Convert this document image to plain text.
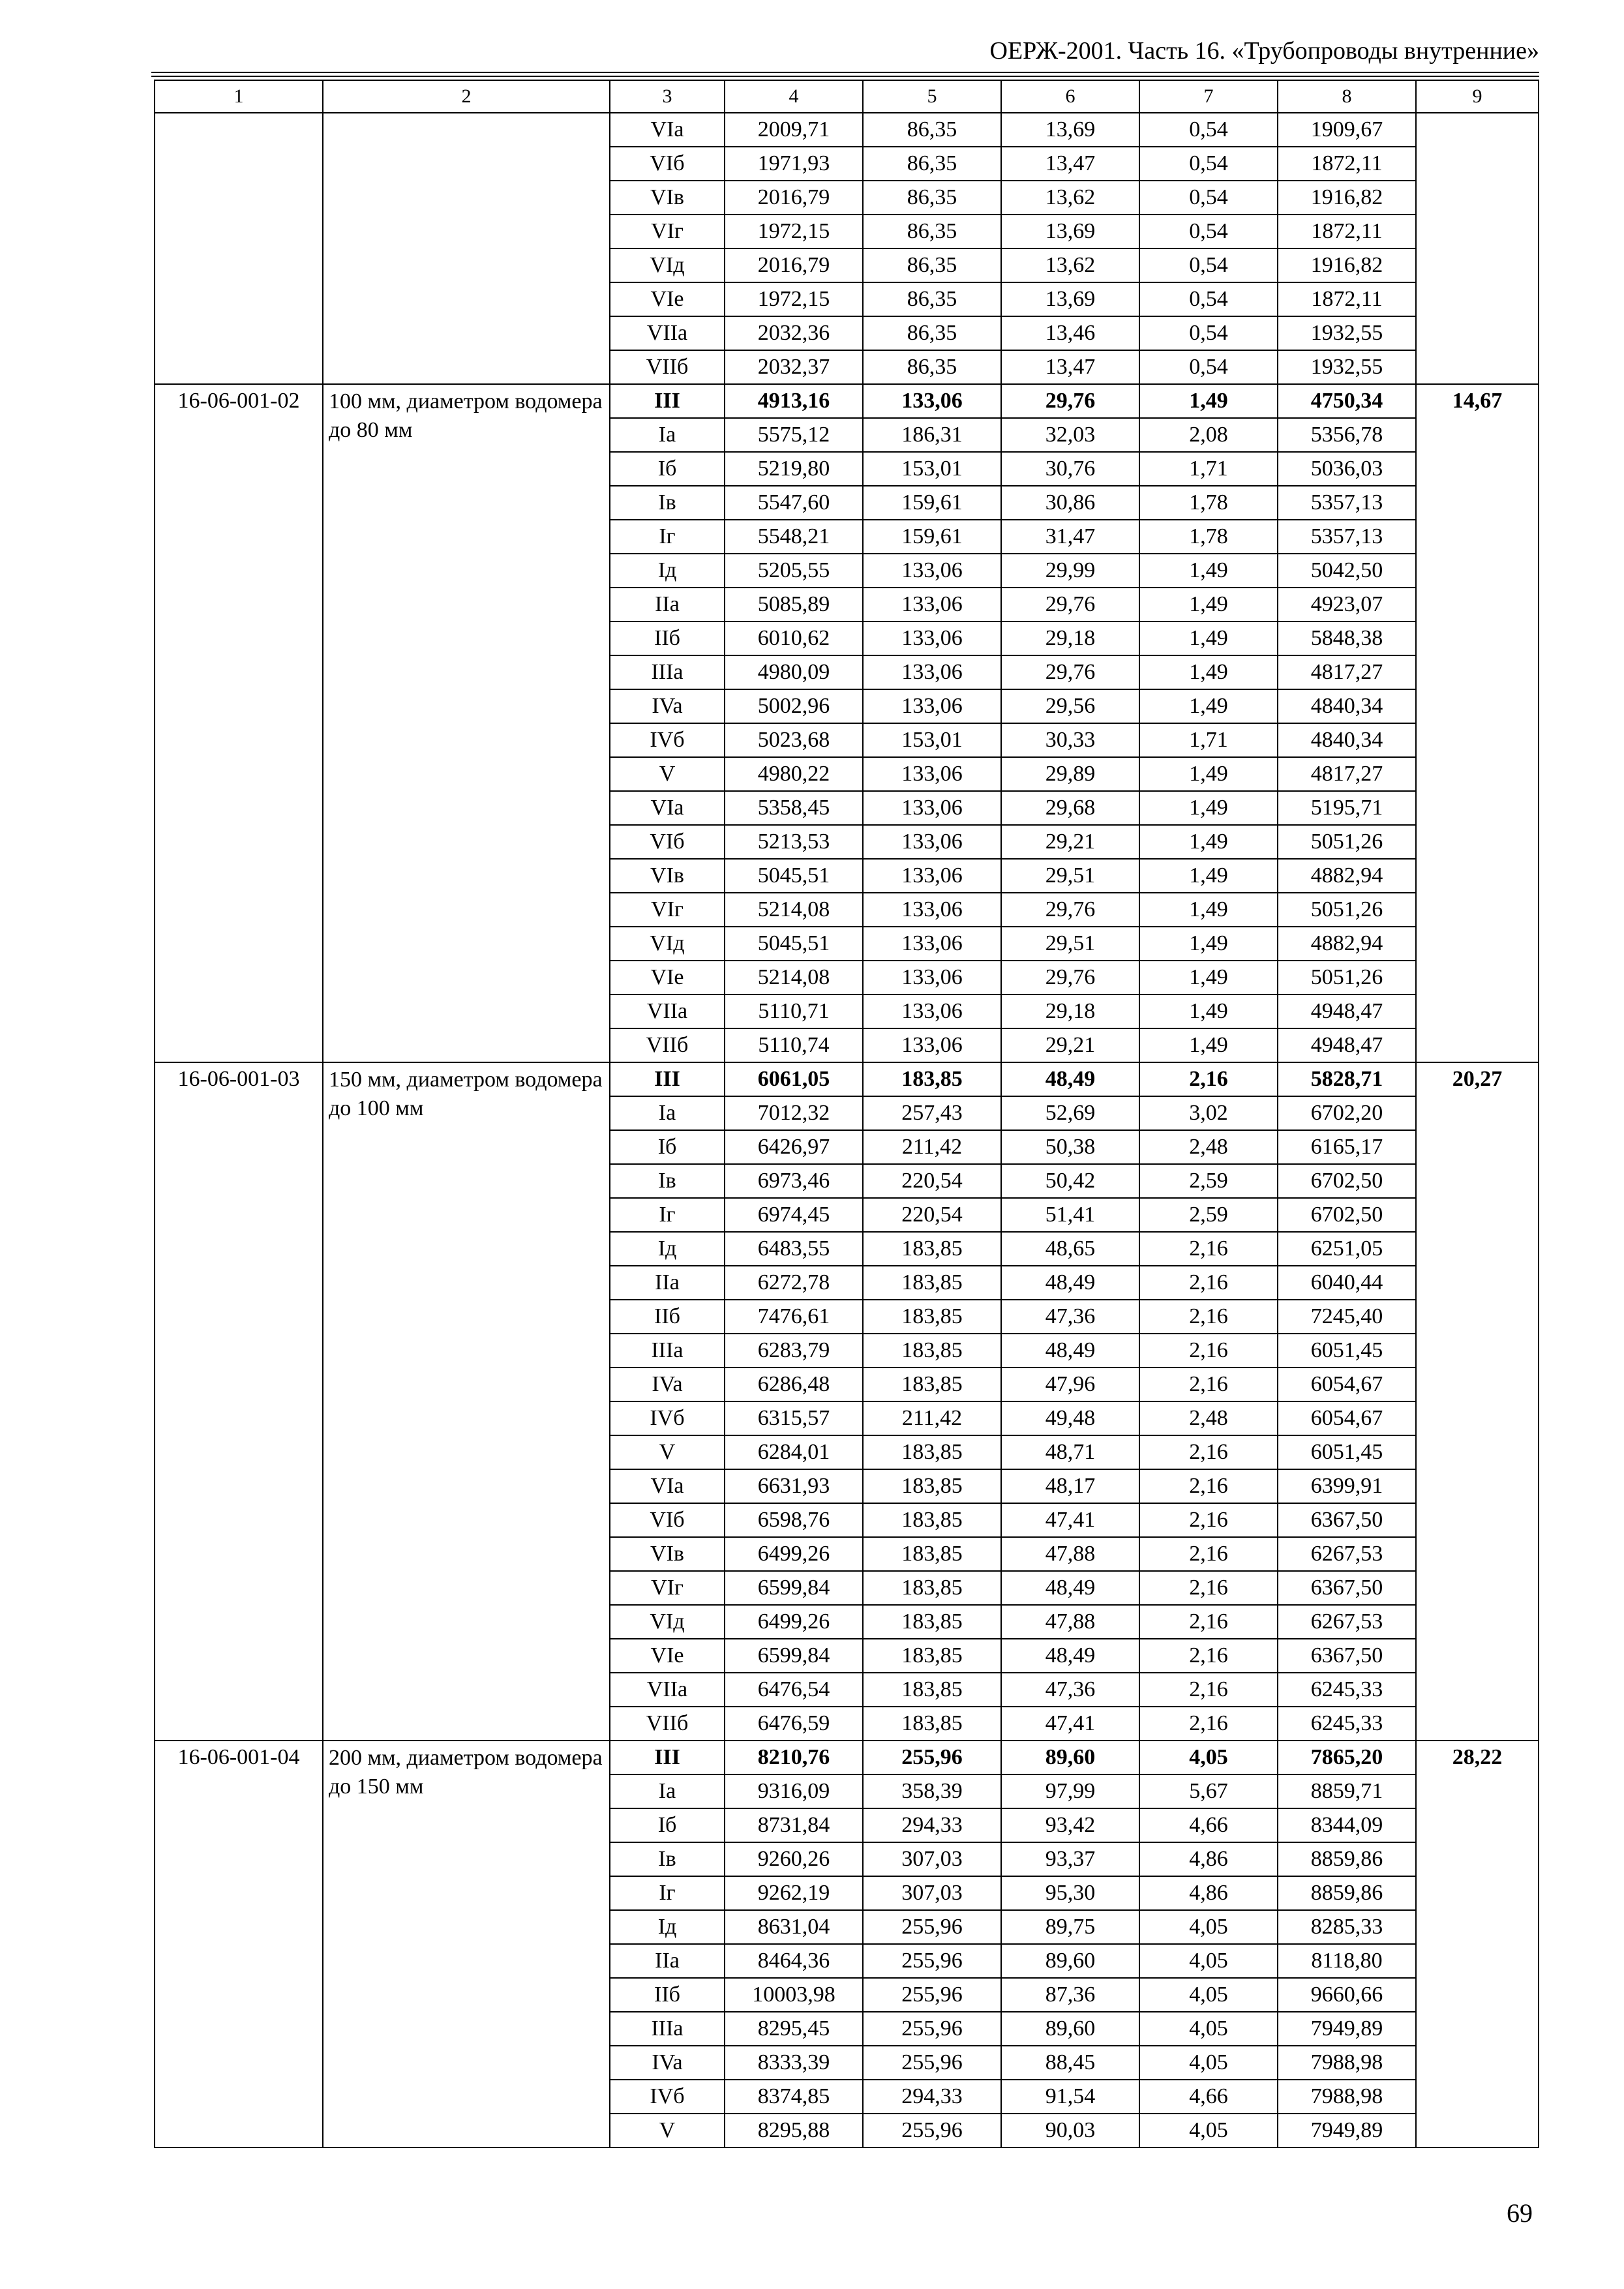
ОЕРЖ-2001. Часть 16. «Трубопроводы внутренние»
1	2	3	4	5	6	7	8	9
		VIa	2009,71	86,35	13,69	0,54	1909,67	
		VIб	1971,93	86,35	13,47	0,54	1872,11	
		VIв	2016,79	86,35	13,62	0,54	1916,82	
		VIг	1972,15	86,35	13,69	0,54	1872,11	
		VIд	2016,79	86,35	13,62	0,54	1916,82	
		VIe	1972,15	86,35	13,69	0,54	1872,11	
		VIIa	2032,36	86,35	13,46	0,54	1932,55	
		VIIб	2032,37	86,35	13,47	0,54	1932,55	
16-06-001-02	100 мм, диаметром водомера до 80 мм	III	4913,16	133,06	29,76	1,49	4750,34	14,67
		Ia	5575,12	186,31	32,03	2,08	5356,78	
		Iб	5219,80	153,01	30,76	1,71	5036,03	
		Iв	5547,60	159,61	30,86	1,78	5357,13	
		Iг	5548,21	159,61	31,47	1,78	5357,13	
		Iд	5205,55	133,06	29,99	1,49	5042,50	
		IIa	5085,89	133,06	29,76	1,49	4923,07	
		IIб	6010,62	133,06	29,18	1,49	5848,38	
		IIIa	4980,09	133,06	29,76	1,49	4817,27	
		IVa	5002,96	133,06	29,56	1,49	4840,34	
		IVб	5023,68	153,01	30,33	1,71	4840,34	
		V	4980,22	133,06	29,89	1,49	4817,27	
		VIa	5358,45	133,06	29,68	1,49	5195,71	
		VIб	5213,53	133,06	29,21	1,49	5051,26	
		VIв	5045,51	133,06	29,51	1,49	4882,94	
		VIг	5214,08	133,06	29,76	1,49	5051,26	
		VIд	5045,51	133,06	29,51	1,49	4882,94	
		VIe	5214,08	133,06	29,76	1,49	5051,26	
		VIIa	5110,71	133,06	29,18	1,49	4948,47	
		VIIб	5110,74	133,06	29,21	1,49	4948,47	
16-06-001-03	150 мм, диаметром водомера до 100 мм	III	6061,05	183,85	48,49	2,16	5828,71	20,27
		Ia	7012,32	257,43	52,69	3,02	6702,20	
		Iб	6426,97	211,42	50,38	2,48	6165,17	
		Iв	6973,46	220,54	50,42	2,59	6702,50	
		Iг	6974,45	220,54	51,41	2,59	6702,50	
		Iд	6483,55	183,85	48,65	2,16	6251,05	
		IIa	6272,78	183,85	48,49	2,16	6040,44	
		IIб	7476,61	183,85	47,36	2,16	7245,40	
		IIIa	6283,79	183,85	48,49	2,16	6051,45	
		IVa	6286,48	183,85	47,96	2,16	6054,67	
		IVб	6315,57	211,42	49,48	2,48	6054,67	
		V	6284,01	183,85	48,71	2,16	6051,45	
		VIa	6631,93	183,85	48,17	2,16	6399,91	
		VIб	6598,76	183,85	47,41	2,16	6367,50	
		VIв	6499,26	183,85	47,88	2,16	6267,53	
		VIг	6599,84	183,85	48,49	2,16	6367,50	
		VIд	6499,26	183,85	47,88	2,16	6267,53	
		VIe	6599,84	183,85	48,49	2,16	6367,50	
		VIIa	6476,54	183,85	47,36	2,16	6245,33	
		VIIб	6476,59	183,85	47,41	2,16	6245,33	
16-06-001-04	200 мм, диаметром водомера до 150 мм	III	8210,76	255,96	89,60	4,05	7865,20	28,22
		Ia	9316,09	358,39	97,99	5,67	8859,71	
		Iб	8731,84	294,33	93,42	4,66	8344,09	
		Iв	9260,26	307,03	93,37	4,86	8859,86	
		Iг	9262,19	307,03	95,30	4,86	8859,86	
		Iд	8631,04	255,96	89,75	4,05	8285,33	
		IIa	8464,36	255,96	89,60	4,05	8118,80	
		IIб	10003,98	255,96	87,36	4,05	9660,66	
		IIIa	8295,45	255,96	89,60	4,05	7949,89	
		IVa	8333,39	255,96	88,45	4,05	7988,98	
		IVб	8374,85	294,33	91,54	4,66	7988,98	
		V	8295,88	255,96	90,03	4,05	7949,89	
69
